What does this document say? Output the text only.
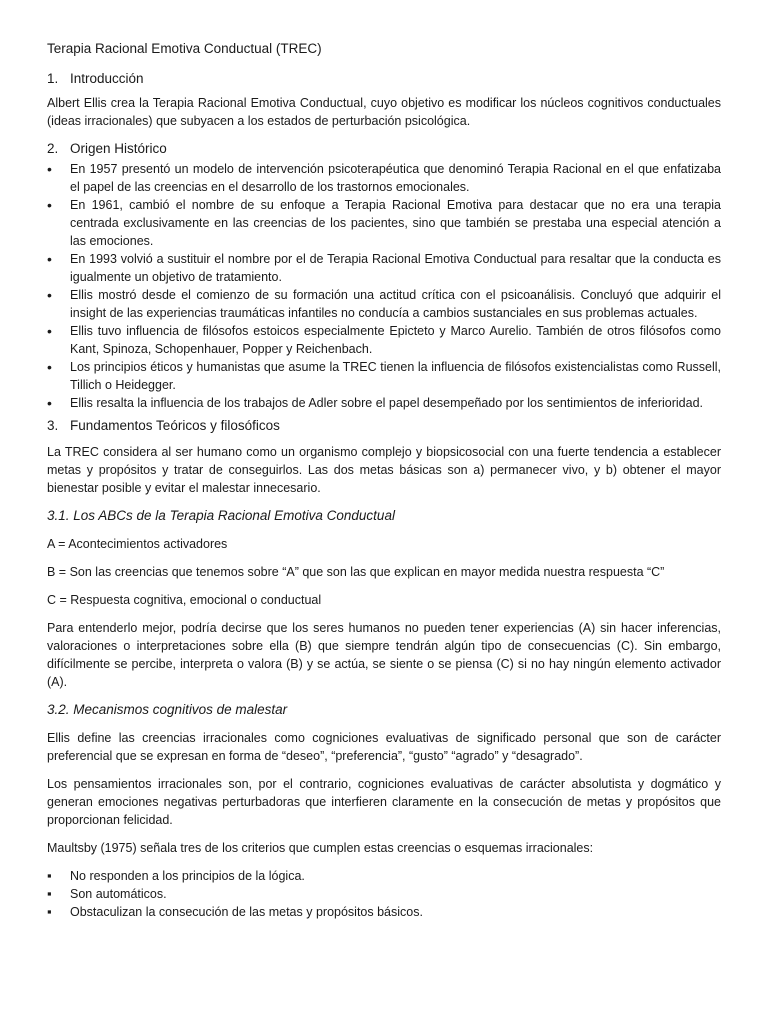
Terapia Racional Emotiva Conductual (TREC)
1. Introducción

Albert Ellis crea la Terapia Racional Emotiva Conductual, cuyo objetivo es modificar los núcleos cognitivos conductuales (ideas irracionales) que subyacen a los estados de perturbación psicológica.

2. Origen Histórico
•
En 1957 presentó un modelo de intervención psicoterapéutica que denominó Terapia Racional en el que enfatizaba el papel de las creencias en el desarrollo de los trastornos emocionales.
•
En 1961, cambió el nombre de su enfoque a Terapia Racional Emotiva para destacar que no era una terapia centrada exclusivamente en las creencias de los pacientes, sino que también se prestaba una especial atención a las emociones.
•
En 1993 volvió a sustituir el nombre por el de Terapia Racional Emotiva Conductual para resaltar que la conducta es igualmente un objetivo de tratamiento.
•
Ellis mostró desde el comienzo de su formación una actitud crítica con el psicoanálisis. Concluyó que adquirir el insight de las experiencias traumáticas infantiles no conducía a cambios sustanciales en sus problemas actuales.
•
Ellis tuvo influencia de filósofos estoicos especialmente Epicteto y Marco Aurelio. También de otros filósofos como Kant, Spinoza, Schopenhauer, Popper y Reichenbach.
•
Los principios éticos y humanistas que asume la TREC tienen la influencia de filósofos existencialistas como Russell, Tillich o Heidegger.
•
Ellis resalta la influencia de los trabajos de Adler sobre el papel desempeñado por los sentimientos de inferioridad.
3. Fundamentos Teóricos y filosóficos

La TREC considera al ser humano como un organismo complejo y biopsicosocial con una fuerte tendencia a establecer metas y propósitos y tratar de conseguirlos. Las dos metas básicas son a) permanecer vivo, y b) obtener el mayor bienestar posible y evitar el malestar innecesario.

3.1. Los ABCs de la Terapia Racional Emotiva Conductual

A = Acontecimientos activadores

B = Son las creencias que tenemos sobre “A” que son las que explican en mayor medida nuestra respuesta “C”

C = Respuesta cognitiva, emocional o conductual

Para entenderlo mejor, podría decirse que los seres humanos no pueden tener experiencias (A) sin hacer inferencias, valoraciones o interpretaciones sobre ella (B) que siempre tendrán algún tipo de consecuencias (C). Sin embargo, difícilmente se percibe, interpreta o valora (B) y se actúa, se siente o se piensa (C) si no hay ningún elemento activador (A).

3.2. Mecanismos cognitivos de malestar

Ellis define las creencias irracionales como cogniciones evaluativas de significado personal que son de carácter preferencial que se expresan en forma de “deseo”, “preferencia”, “gusto” “agrado” y “desagrado”.

Los pensamientos irracionales son, por el contrario, cogniciones evaluativas de carácter absolutista y dogmático y generan emociones negativas perturbadoras que interfieren claramente en la consecución de metas y propósitos que proporcionan felicidad.

Maultsby (1975) señala tres de los criterios que cumplen estas creencias o esquemas irracionales:

▪
No responden a los principios de la lógica.
▪
Son automáticos.
▪
Obstaculizan la consecución de las metas y propósitos básicos.
